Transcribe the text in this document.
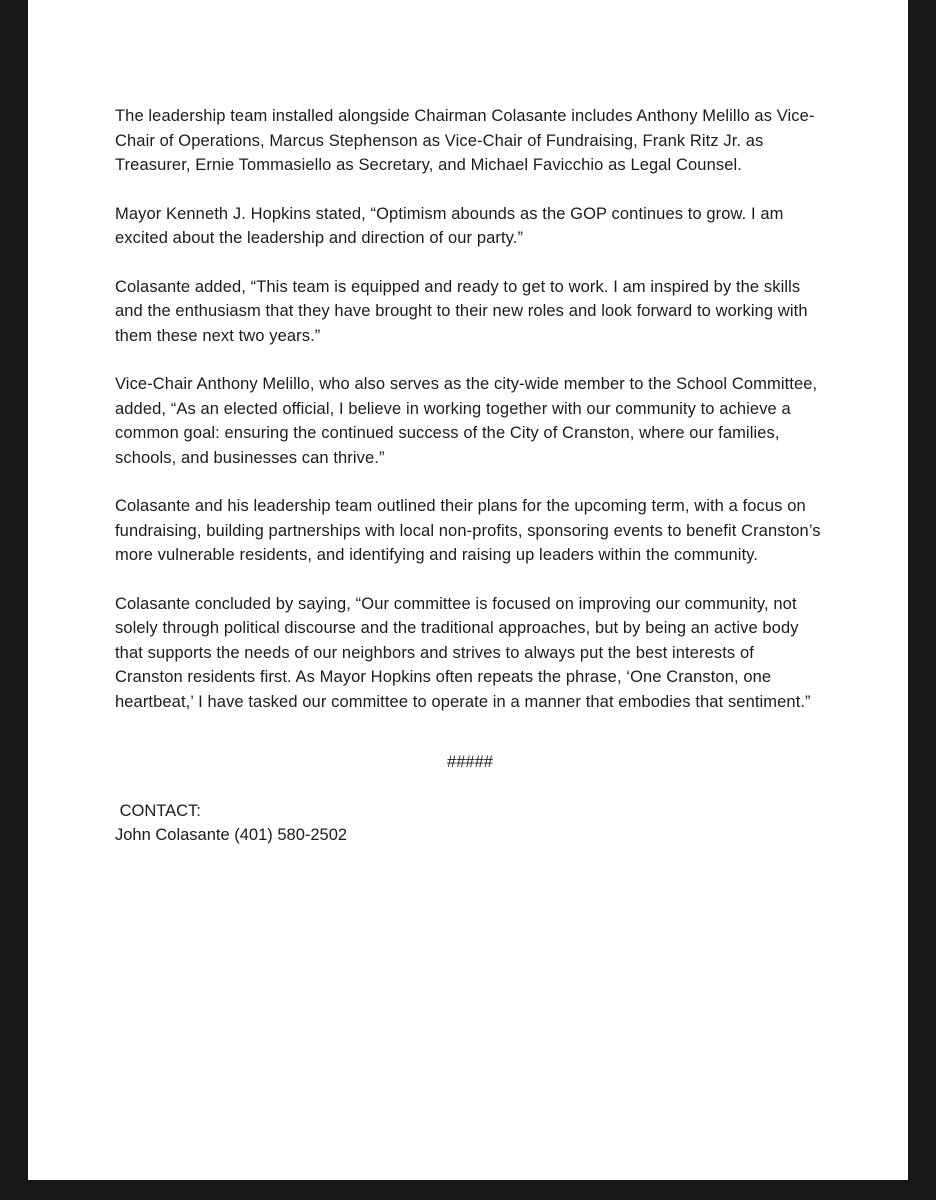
The leadership team installed alongside Chairman Colasante includes Anthony Melillo as Vice-Chair of Operations, Marcus Stephenson as Vice-Chair of Fundraising, Frank Ritz Jr. as Treasurer, Ernie Tommasiello as Secretary, and Michael Favicchio as Legal Counsel.

Mayor Kenneth J. Hopkins stated, “Optimism abounds as the GOP continues to grow. I am excited about the leadership and direction of our party.”

Colasante added, “This team is equipped and ready to get to work. I am inspired by the skills and the enthusiasm that they have brought to their new roles and look forward to working with them these next two years.”

Vice-Chair Anthony Melillo, who also serves as the city-wide member to the School Committee, added, “As an elected official, I believe in working together with our community to achieve a common goal: ensuring the continued success of the City of Cranston, where our families, schools, and businesses can thrive.”

Colasante and his leadership team outlined their plans for the upcoming term, with a focus on fundraising, building partnerships with local non-profits, sponsoring events to benefit Cranston’s more vulnerable residents, and identifying and raising up leaders within the community.

Colasante concluded by saying, “Our committee is focused on improving our community, not solely through political discourse and the traditional approaches, but by being an active body that supports the needs of our neighbors and strives to always put the best interests of Cranston residents first. As Mayor Hopkins often repeats the phrase, ‘One Cranston, one heartbeat,’ I have tasked our committee to operate in a manner that embodies that sentiment.”

#####
CONTACT:
John Colasante (401) 580-2502
